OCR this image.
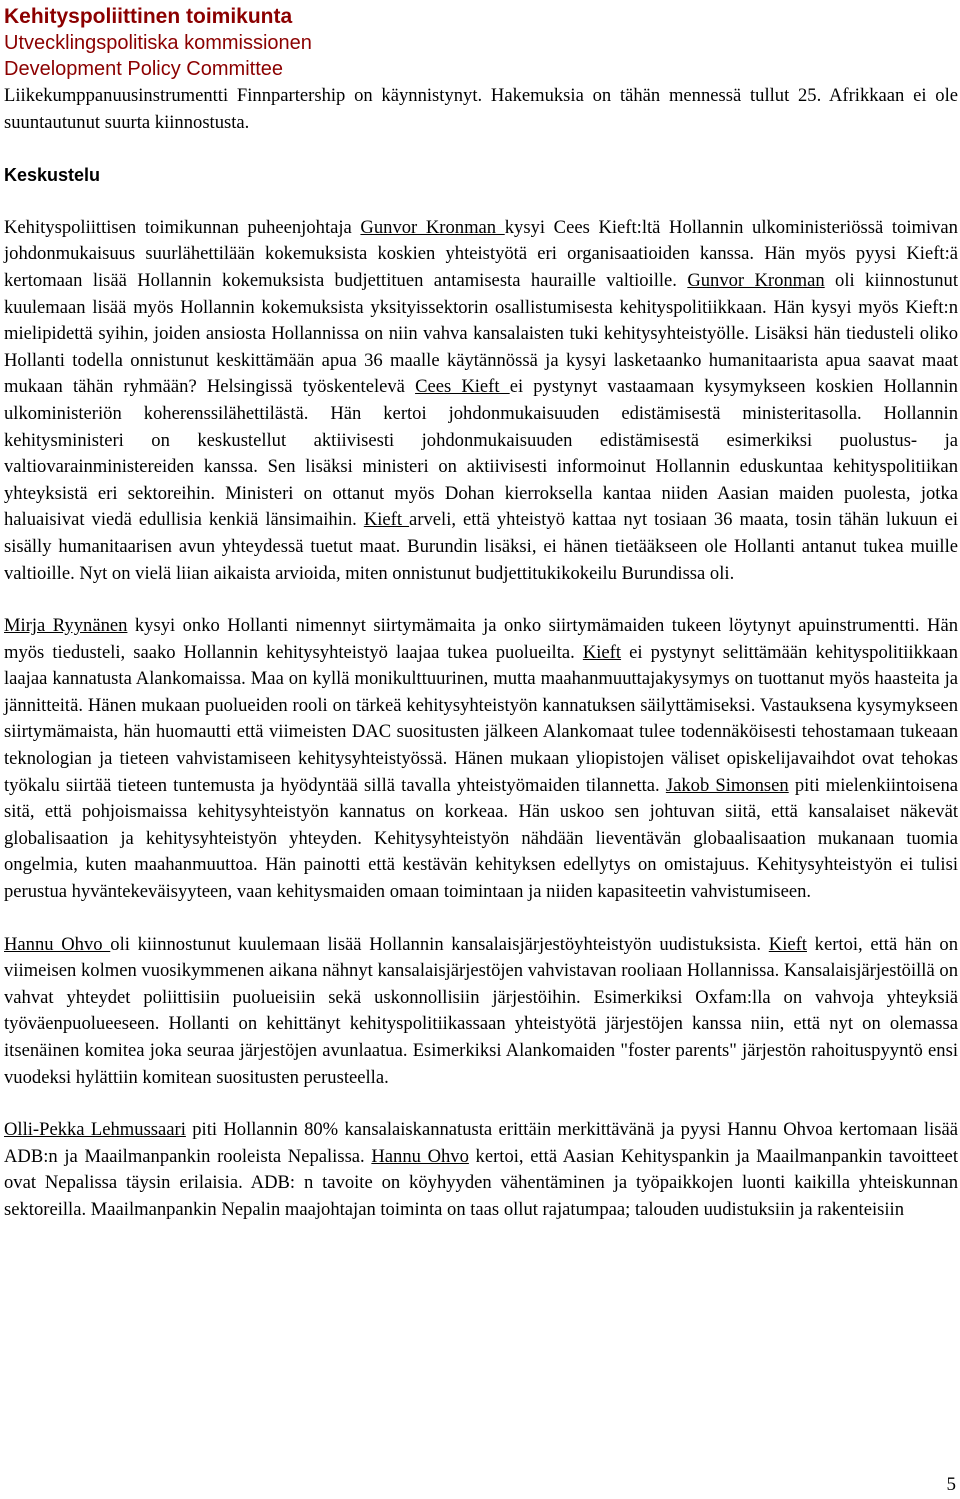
Kehityspoliittinen toimikunta
Utvecklingspolitiska kommissionen
Development Policy Committee

Liikekumppanuusinstrumentti Finnpartership on käynnistynyt. Hakemuksia on tähän mennessä tullut 25. Afrikkaan ei ole suuntautunut suurta kiinnostusta.

Keskustelu

Kehityspoliittisen toimikunnan puheenjohtaja Gunvor Kronman kysyi Cees Kieft:ltä Hollannin ulkoministeriössä toimivan johdonmukaisuus suurlähettilään kokemuksista koskien yhteistyötä eri organisaatioiden kanssa. Hän myös pyysi Kieft:ä kertomaan lisää Hollannin kokemuksista budjettituen antamisesta hauraille valtioille. Gunvor Kronman oli kiinnostunut kuulemaan lisää myös Hollannin kokemuksista yksityissektorin osallistumisesta kehityspolitiikkaan. Hän kysyi myös Kieft:n mielipidettä syihin, joiden ansiosta Hollannissa on niin vahva kansalaisten tuki kehitysyhteistyölle. Lisäksi hän tiedusteli oliko Hollanti todella onnistunut keskittämään apua 36 maalle käytännössä ja kysyi lasketaanko humanitaarista apua saavat maat mukaan tähän ryhmään? Helsingissä työskentelevä Cees Kieft ei pystynyt vastaamaan kysymykseen koskien Hollannin ulkoministeriön koherenssilähettilästä. Hän kertoi johdonmukaisuuden edistämisestä ministeritasolla. Hollannin kehitysministeri on keskustellut aktiivisesti johdonmukaisuuden edistämisestä esimerkiksi puolustus- ja valtiovarainministereiden kanssa. Sen lisäksi ministeri on aktiivisesti informoinut Hollannin eduskuntaa kehityspolitiikan yhteyksistä eri sektoreihin. Ministeri on ottanut myös Dohan kierroksella kantaa niiden Aasian maiden puolesta, jotka haluaisivat viedä edullisia kenkiä länsimaihin. Kieft arveli, että yhteistyö kattaa nyt tosiaan 36 maata, tosin tähän lukuun ei sisälly humanitaarisen avun yhteydessä tuetut maat. Burundin lisäksi, ei hänen tietääkseen ole Hollanti antanut tukea muille valtioille. Nyt on vielä liian aikaista arvioida, miten onnistunut budjettitukikokeilu Burundissa oli.

Mirja Ryynänen kysyi onko Hollanti nimennyt siirtymämaita ja onko siirtymämaiden tukeen löytynyt apuinstrumentti. Hän myös tiedusteli, saako Hollannin kehitysyhteistyö laajaa tukea puolueilta. Kieft ei pystynyt selittämään kehityspolitiikkaan laajaa kannatusta Alankomaissa. Maa on kyllä monikulttuurinen, mutta maahanmuuttajakysymys on tuottanut myös haasteita ja jännitteitä. Hänen mukaan puolueiden rooli on tärkeä kehitysyhteistyön kannatuksen säilyttämiseksi. Vastauksena kysymykseen siirtymämaista, hän huomautti että viimeisten DAC suositusten jälkeen Alankomaat tulee todennäköisesti tehostamaan tukeaan teknologian ja tieteen vahvistamiseen kehitysyhteistyössä. Hänen mukaan yliopistojen väliset opiskelijavaihdot ovat tehokas työkalu siirtää tieteen tuntemusta ja hyödyntää sillä tavalla yhteistyömaiden tilannetta. Jakob Simonsen piti mielenkiintoisena sitä, että pohjoismaissa kehitysyhteistyön kannatus on korkeaa. Hän uskoo sen johtuvan siitä, että kansalaiset näkevät globalisaation ja kehitysyhteistyön yhteyden. Kehitysyhteistyön nähdään lieventävän globaalisaation mukanaan tuomia ongelmia, kuten maahanmuuttoa. Hän painotti että kestävän kehityksen edellytys on omistajuus. Kehitysyhteistyön ei tulisi perustua hyväntekeväisyyteen, vaan kehitysmaiden omaan toimintaan ja niiden kapasiteetin vahvistumiseen.

Hannu Ohvo oli kiinnostunut kuulemaan lisää Hollannin kansalaisjärjestöyhteistyön uudistuksista. Kieft kertoi, että hän on viimeisen kolmen vuosikymmenen aikana nähnyt kansalaisjärjestöjen vahvistavan rooliaan Hollannissa. Kansalaisjärjestöillä on vahvat yhteydet poliittisiin puolueisiin sekä uskonnollisiin järjestöihin. Esimerkiksi Oxfam:lla on vahvoja yhteyksiä työväenpuolueeseen. Hollanti on kehittänyt kehityspolitiikassaan yhteistyötä järjestöjen kanssa niin, että nyt on olemassa itsenäinen komitea joka seuraa järjestöjen avunlaatua. Esimerkiksi Alankomaiden "foster parents" järjestön rahoituspyyntö ensi vuodeksi hylättiin komitean suositusten perusteella.

Olli-Pekka Lehmussaari piti Hollannin 80% kansalaiskannatusta erittäin merkittävänä ja pyysi Hannu Ohvoa kertomaan lisää ADB:n ja Maailmanpankin rooleista Nepalissa. Hannu Ohvo kertoi, että Aasian Kehityspankin ja Maailmanpankin tavoitteet ovat Nepalissa täysin erilaisia. ADB: n tavoite on köyhyyden vähentäminen ja työpaikkojen luonti kaikilla yhteiskunnan sektoreilla. Maailmanpankin Nepalin maajohtajan toiminta on taas ollut rajatumpaa; talouden uudistuksiin ja rakenteisiin

5
